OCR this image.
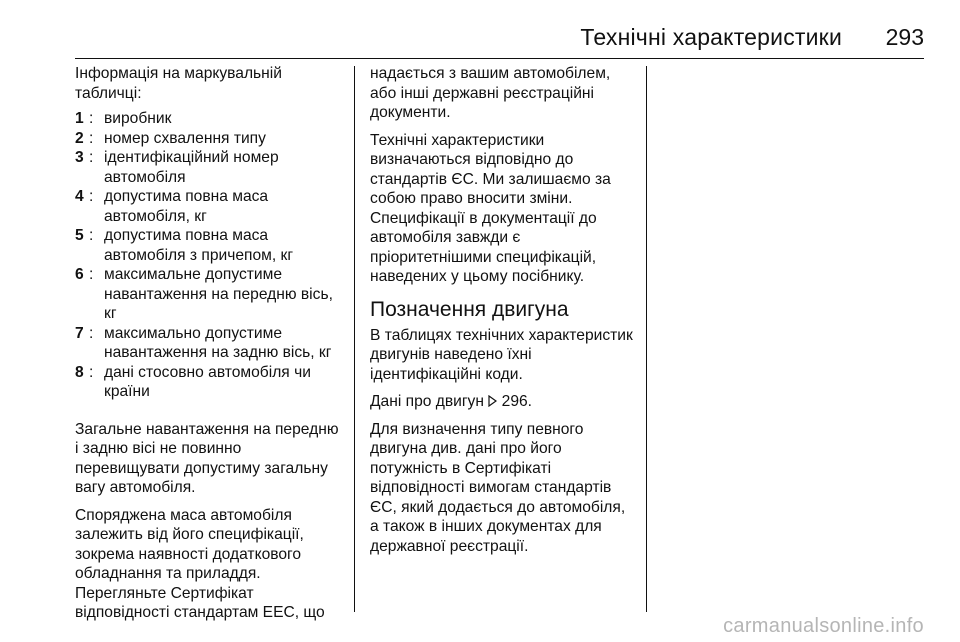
Технічні характеристики 293

Інформація на маркувальній табличці:

1 : виробник
2 : номер схвалення типу
3 : ідентифікаційний номер автомобіля
4 : допустима повна маса автомобіля, кг
5 : допустима повна маса автомобіля з причепом, кг
6 : максимальне допустиме навантаження на передню вісь, кг
7 : максимально допустиме навантаження на задню вісь, кг
8 : дані стосовно автомобіля чи країни

Загальне навантаження на передню і задню вісі не повинно перевищувати допустиму загальну вагу автомобіля.

Споряджена маса автомобіля залежить від його специфікації, зокрема наявності додаткового обладнання та приладдя. Перегляньте Сертифікат відповідності стандартам ЕЕС, що

надається з вашим автомобілем, або інші державні реєстраційні документи.

Технічні характеристики визначаються відповідно до стандартів ЄС. Ми залишаємо за собою право вносити зміни. Специфікації в документації до автомобіля завжди є пріоритетнішими специфікацій, наведених у цьому посібнику.

Позначення двигуна

В таблицях технічних характеристик двигунів наведено їхні ідентифікаційні коди.

Дані про двигун 296.

Для визначення типу певного двигуна див. дані про його потужність в Сертифікаті відповідності вимогам стандартів ЄС, який додається до автомобіля, а також в інших документах для державної реєстрації.

carmanualsonline.info
